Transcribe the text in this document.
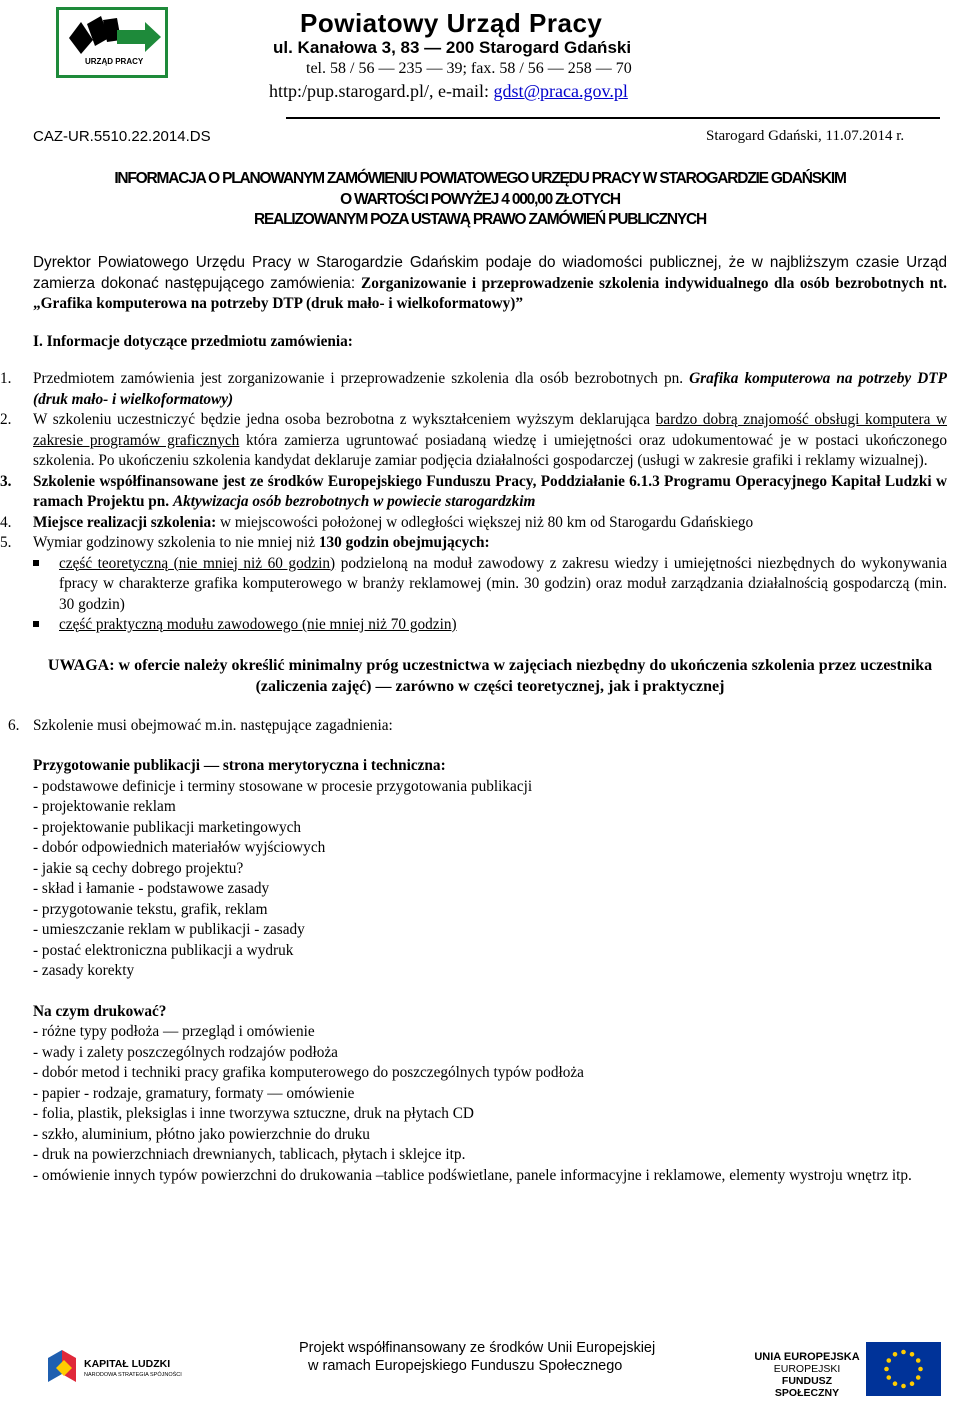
URZĄD PRACY
Powiatowy Urząd Pracy
ul. Kanałowa 3, 83 — 200 Starogard Gdański
tel. 58 / 56 — 235 — 39; fax. 58 / 56 — 258 — 70
http:/pup.starogard.pl/, e-mail: gdst@praca.gov.pl
CAZ-UR.5510.22.2014.DS	Starogard Gdański, 11.07.2014 r.
INFORMACJA O PLANOWANYM ZAMÓWIENIU POWIATOWEGO URZĘDU PRACY W STAROGARDZIE GDAŃSKIM
O WARTOŚCI POWYŻEJ 4 000,00 ZŁOTYCH
REALIZOWANYM POZA USTAWĄ PRAWO ZAMÓWIEŃ PUBLICZNYCH

Dyrektor Powiatowego Urzędu Pracy w Starogardzie Gdańskim podaje do wiadomości publicznej, że w najbliższym czasie Urząd zamierza dokonać następującego zamówienia: Zorganizowanie i przeprowadzenie szkolenia indywidualnego dla osób bezrobotnych nt. „Grafika komputerowa na potrzeby DTP (druk mało- i wielkoformatowy)”

I. Informacje dotyczące przedmiotu zamówienia:

1. Przedmiotem zamówienia jest zorganizowanie i przeprowadzenie szkolenia dla osób bezrobotnych pn. Grafika komputerowa na potrzeby DTP (druk mało- i wielkoformatowy)
2. W szkoleniu uczestniczyć będzie jedna osoba bezrobotna z wykształceniem wyższym deklarująca bardzo dobrą znajomość obsługi komputera w zakresie programów graficznych która zamierza ugruntować posiadaną wiedzę i umiejętności oraz udokumentować je w postaci ukończonego szkolenia. Po ukończeniu szkolenia kandydat deklaruje zamiar podjęcia działalności gospodarczej (usługi w zakresie grafiki i reklamy wizualnej).
3. Szkolenie współfinansowane jest ze środków Europejskiego Funduszu Pracy, Poddziałanie 6.1.3 Programu Operacyjnego Kapitał Ludzki w ramach Projektu pn. Aktywizacja osób bezrobotnych w powiecie starogardzkim
4. Miejsce realizacji szkolenia: w miejscowości położonej w odległości większej niż 80 km od Starogardu Gdańskiego
5. Wymiar godzinowy szkolenia to nie mniej niż 130 godzin obejmujących:
część teoretyczną (nie mniej niż 60 godzin) podzieloną na moduł zawodowy z zakresu wiedzy i umiejętności niezbędnych do wykonywania fpracy w charakterze grafika komputerowego w branży reklamowej (min. 30 godzin) oraz moduł zarządzania działalnością gospodarczą (min. 30 godzin)
część praktyczną modułu zawodowego (nie mniej niż 70 godzin)

UWAGA: w ofercie należy określić minimalny próg uczestnictwa w zajęciach niezbędny do ukończenia szkolenia przez uczestnika (zaliczenia zajęć) — zarówno w części teoretycznej, jak i praktycznej

6. Szkolenie musi obejmować m.in. następujące zagadnienia:

Przygotowanie publikacji — strona merytoryczna i techniczna:

- podstawowe definicje i terminy stosowane w procesie przygotowania publikacji
- projektowanie reklam
- projektowanie publikacji marketingowych
- dobór odpowiednich materiałów wyjściowych
- jakie są cechy dobrego projektu?
- skład i łamanie - podstawowe zasady
- przygotowanie tekstu, grafik, reklam
- umieszczanie reklam w publikacji - zasady
- postać elektroniczna publikacji a wydruk
- zasady korekty

Na czym drukować?

- różne typy podłoża — przegląd i omówienie
- wady i zalety poszczególnych rodzajów podłoża
- dobór metod i techniki pracy grafika komputerowego do poszczególnych typów podłoża
- papier - rodzaje, gramatury, formaty — omówienie
- folia, plastik, pleksiglas i inne tworzywa sztuczne, druk na płytach CD
- szkło, aluminium, płótno jako powierzchnie do druku
- druk na powierzchniach drewnianych, tablicach, płytach i sklejce itp.
- omówienie innych typów powierzchni do drukowania –tablice podświetlane, panele informacyjne i reklamowe, elementy wystroju wnętrz itp.
KAPITAŁ LUDZKI
NARODOWA STRATEGIA SPÓJNOŚCI
Projekt współfinansowany ze środków Unii Europejskiej
w ramach Europejskiego Funduszu Społecznego
UNIA EUROPEJSKA
EUROPEJSKI
FUNDUSZ SPOŁECZNY
